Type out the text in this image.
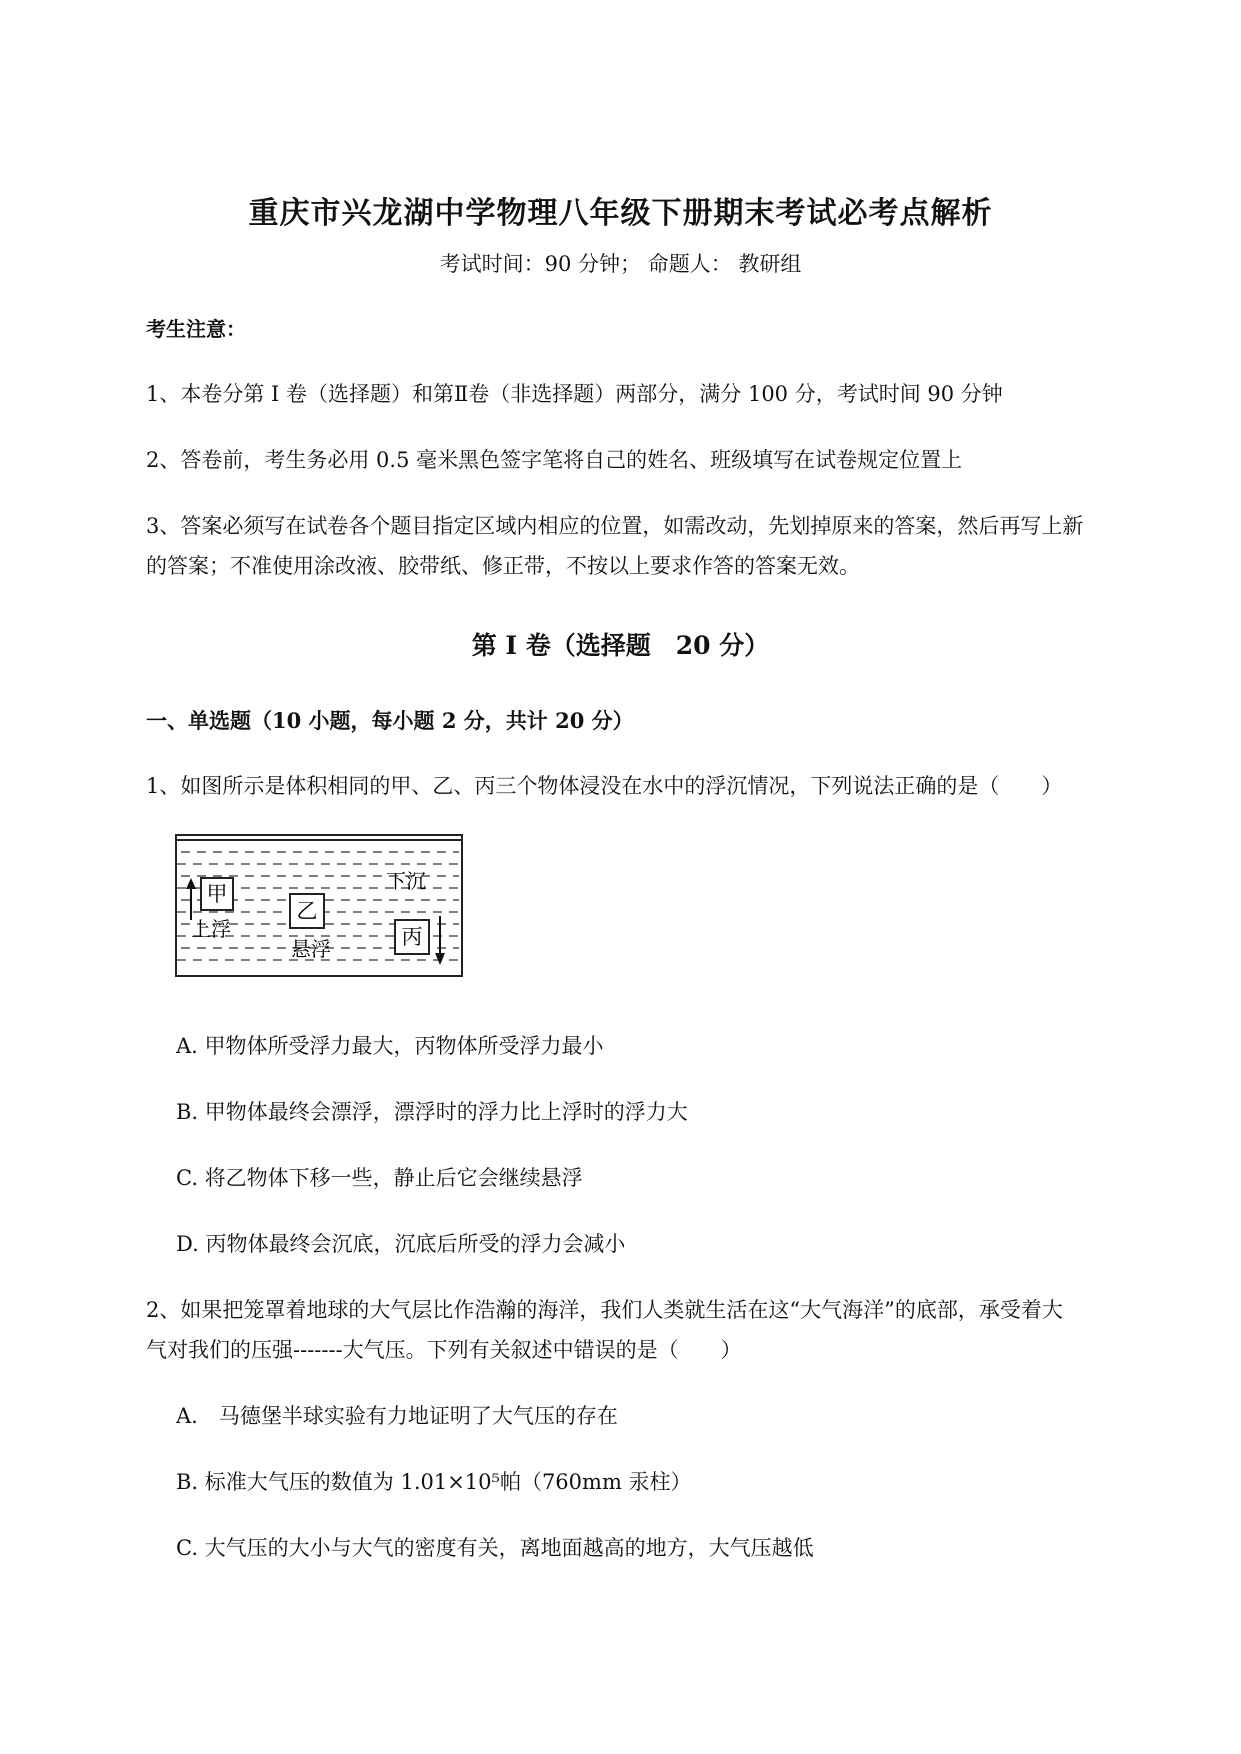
重庆市兴龙湖中学物理八年级下册期末考试必考点解析
考试时间：90 分钟； 命题人： 教研组
考生注意：
1、本卷分第 I 卷（选择题）和第Ⅱ卷（非选择题）两部分，满分 100 分，考试时间 90 分钟
2、答卷前，考生务必用 0.5 毫米黑色签字笔将自己的姓名、班级填写在试卷规定位置上
3、答案必须写在试卷各个题目指定区域内相应的位置，如需改动，先划掉原来的答案，然后再写上新
的答案；不准使用涂改液、胶带纸、修正带，不按以上要求作答的答案无效。
第 I 卷（选择题　20 分）
一、单选题（10 小题，每小题 2 分，共计 20 分）
1、如图所示是体积相同的甲、乙、丙三个物体浸没在水中的浮沉情况，下列说法正确的是（　　）
甲
上浮
乙
悬浮
下沉
丙
A. 甲物体所受浮力最大，丙物体所受浮力最小
B. 甲物体最终会漂浮，漂浮时的浮力比上浮时的浮力大
C. 将乙物体下移一些，静止后它会继续悬浮
D. 丙物体最终会沉底，沉底后所受的浮力会减小
2、如果把笼罩着地球的大气层比作浩瀚的海洋，我们人类就生活在这“大气海洋”的底部，承受着大
气对我们的压强-------大气压。下列有关叙述中错误的是（　　）
A.　马德堡半球实验有力地证明了大气压的存在
B. 标准大气压的数值为 1.01×10⁵帕（760mm 汞柱）
C. 大气压的大小与大气的密度有关，离地面越高的地方，大气压越低
